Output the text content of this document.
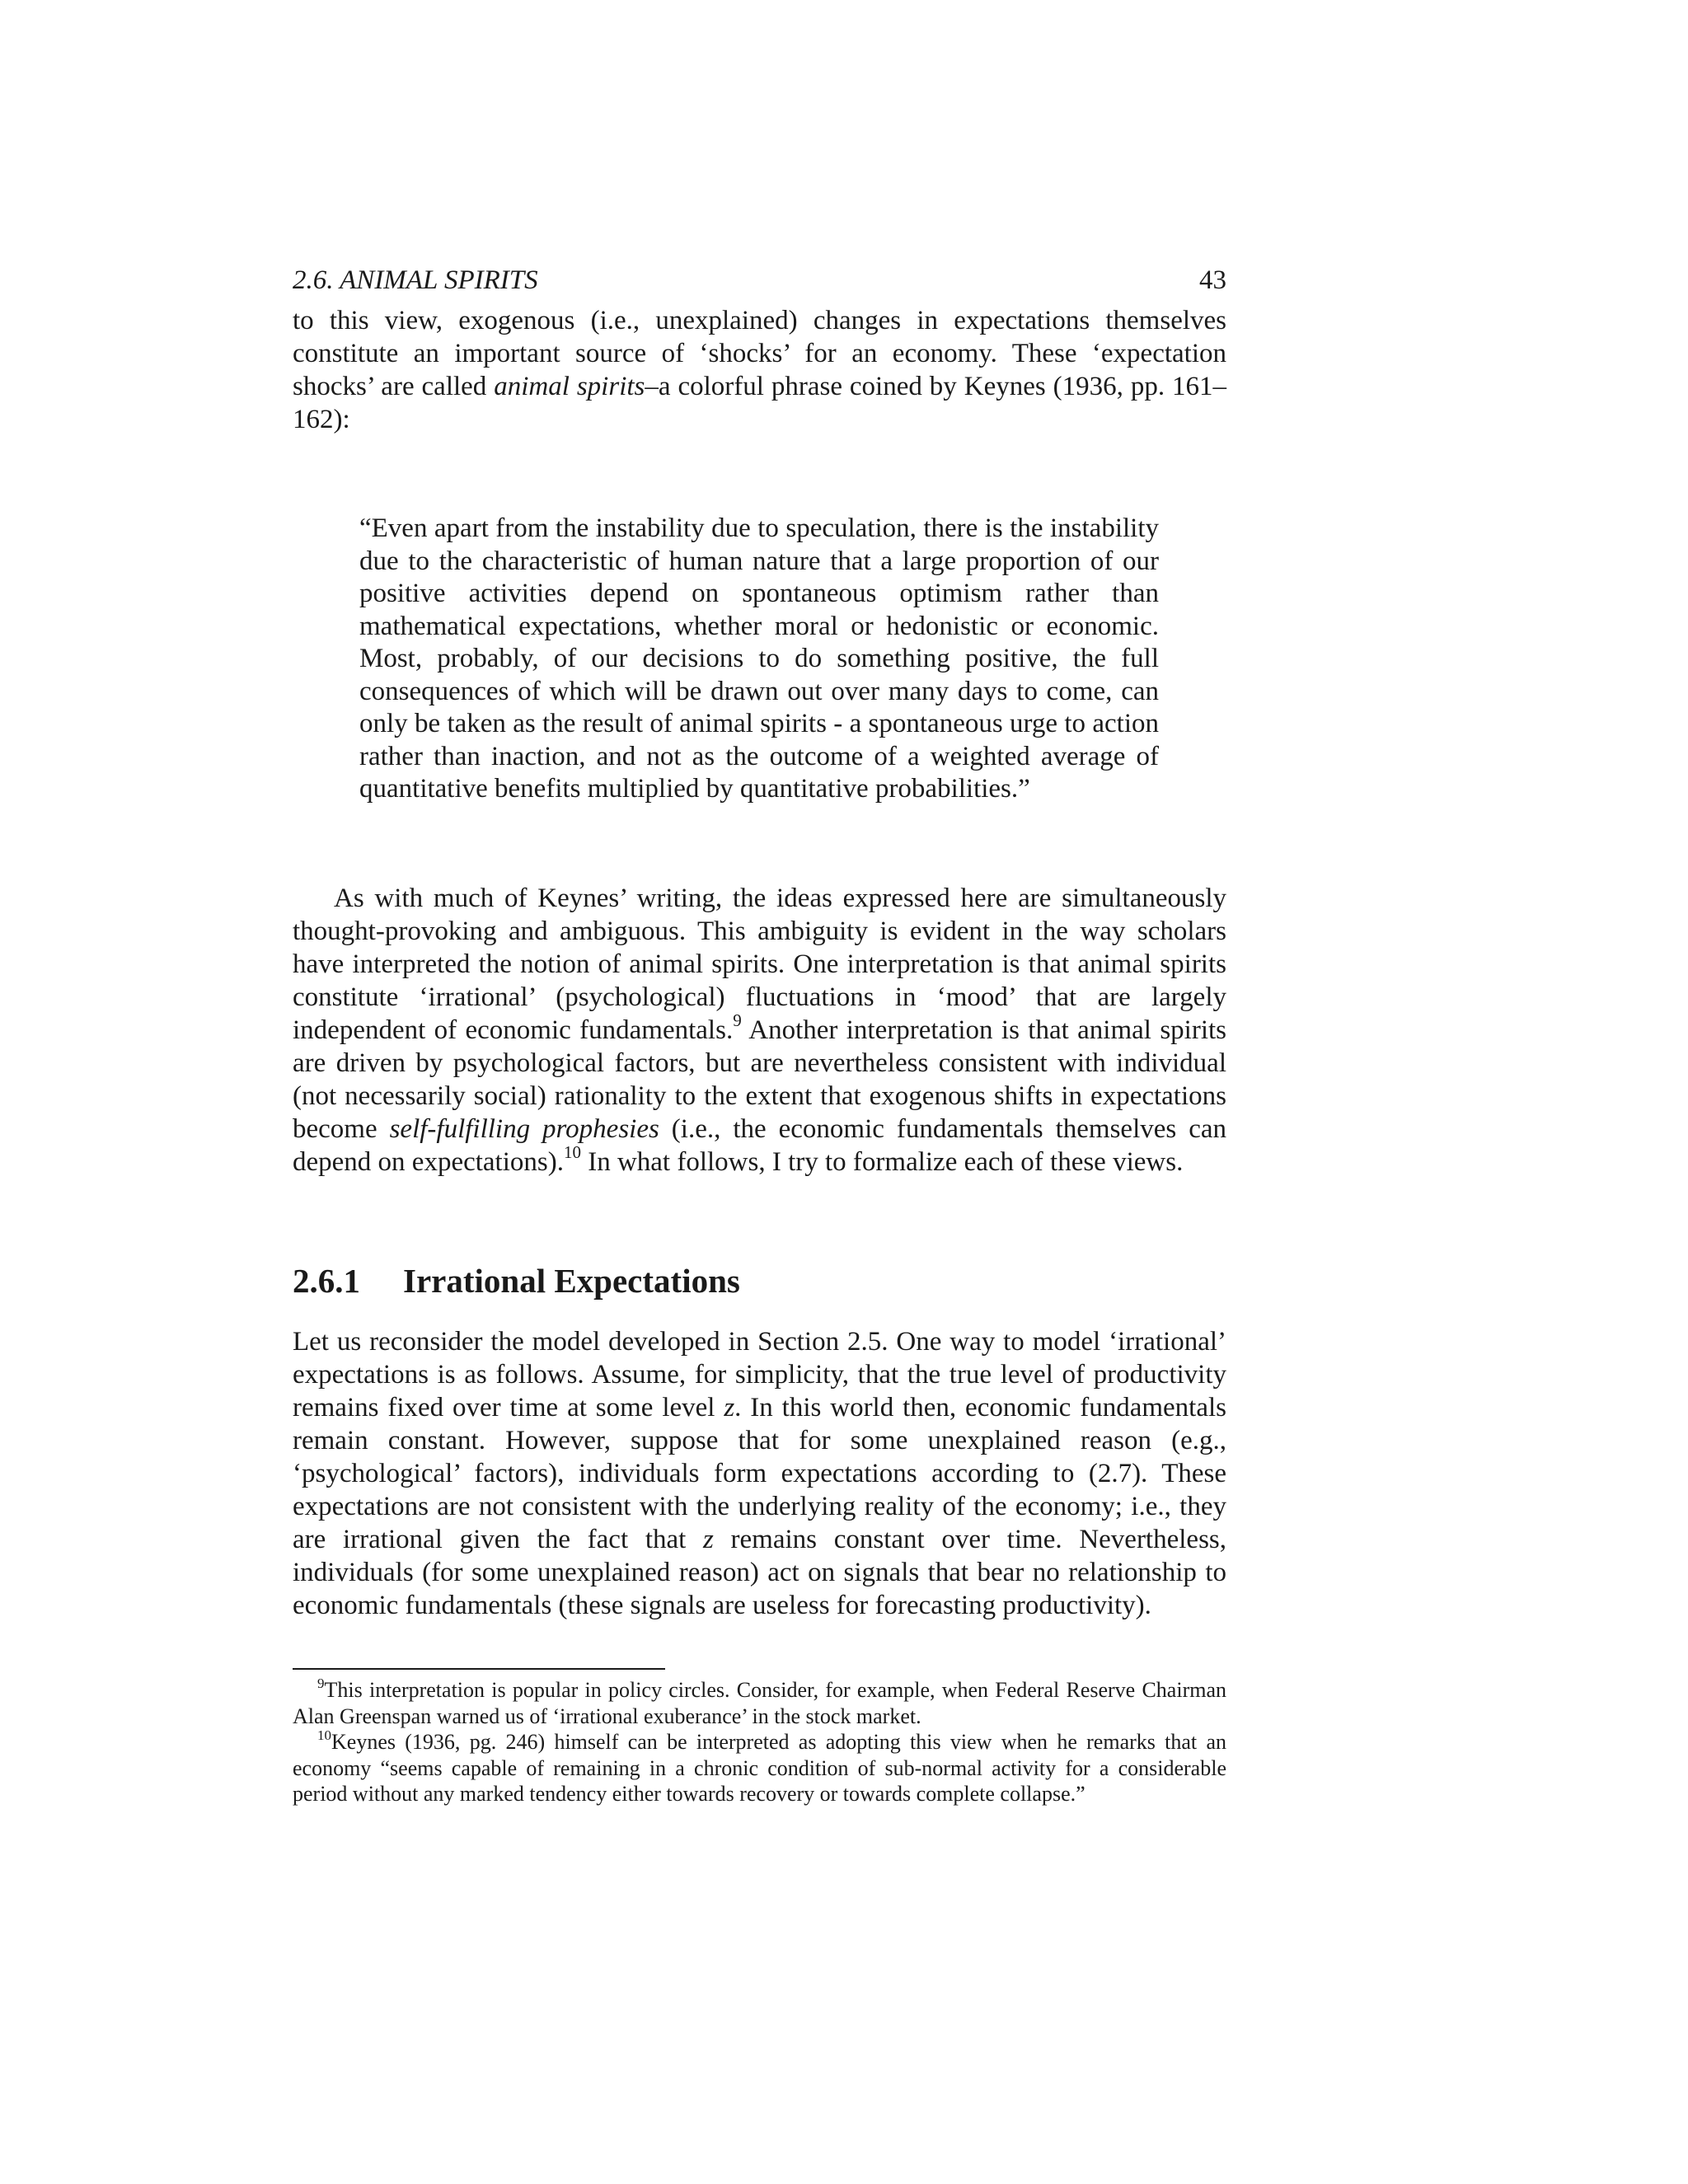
2.6. ANIMAL SPIRITS	43

to this view, exogenous (i.e., unexplained) changes in expectations themselves constitute an important source of ‘shocks’ for an economy. These ‘expectation shocks’ are called animal spirits–a colorful phrase coined by Keynes (1936, pp. 161–162):

“Even apart from the instability due to speculation, there is the instability due to the characteristic of human nature that a large proportion of our positive activities depend on spontaneous optimism rather than mathematical expectations, whether moral or hedonistic or economic. Most, probably, of our decisions to do something positive, the full consequences of which will be drawn out over many days to come, can only be taken as the result of animal spirits - a spontaneous urge to action rather than inaction, and not as the outcome of a weighted average of quantitative benefits multiplied by quantitative probabilities.”

As with much of Keynes’ writing, the ideas expressed here are simultaneously thought-provoking and ambiguous. This ambiguity is evident in the way scholars have interpreted the notion of animal spirits. One interpretation is that animal spirits constitute ‘irrational’ (psychological) fluctuations in ‘mood’ that are largely independent of economic fundamentals.$^9$ Another interpretation is that animal spirits are driven by psychological factors, but are nevertheless consistent with individual (not necessarily social) rationality to the extent that exogenous shifts in expectations become self-fulfilling prophesies (i.e., the economic fundamentals themselves can depend on expectations).$^{10}$ In what follows, I try to formalize each of these views.

2.6.1 Irrational Expectations

Let us reconsider the model developed in Section 2.5. One way to model ‘irrational’ expectations is as follows. Assume, for simplicity, that the true level of productivity remains fixed over time at some level z. In this world then, economic fundamentals remain constant. However, suppose that for some unexplained reason (e.g., ‘psychological’ factors), individuals form expectations according to (2.7). These expectations are not consistent with the underlying reality of the economy; i.e., they are irrational given the fact that z remains constant over time. Nevertheless, individuals (for some unexplained reason) act on signals that bear no relationship to economic fundamentals (these signals are useless for forecasting productivity).

$^9$This interpretation is popular in policy circles. Consider, for example, when Federal Reserve Chairman Alan Greenspan warned us of ‘irrational exuberance’ in the stock market.

$^{10}$Keynes (1936, pg. 246) himself can be interpreted as adopting this view when he remarks that an economy “seems capable of remaining in a chronic condition of sub-normal activity for a considerable period without any marked tendency either towards recovery or towards complete collapse.”
